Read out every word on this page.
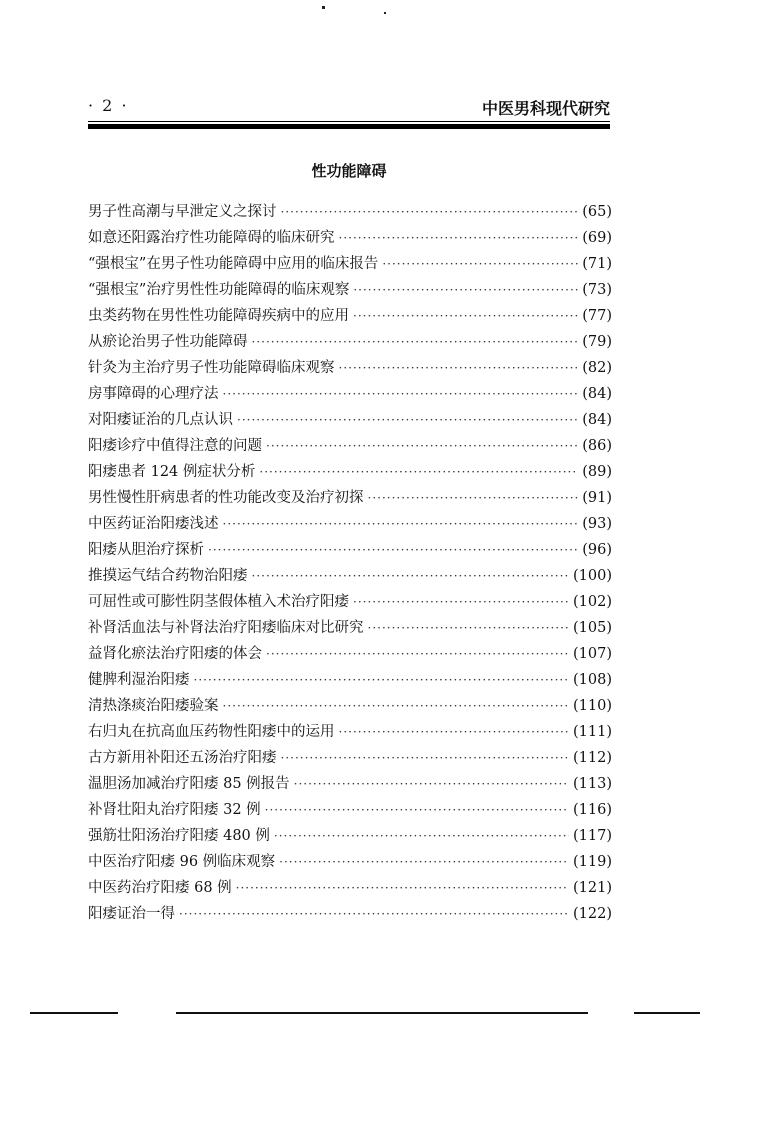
· 2 ·	中医男科现代研究
性功能障碍
男子性高潮与早泄定义之探讨 ·····	(65)
如意还阳露治疗性功能障碍的临床研究 ·····	(69)
“强根宝”在男子性功能障碍中应用的临床报告 ·····	(71)
“强根宝”治疗男性性功能障碍的临床观察 ·····	(73)
虫类药物在男性性功能障碍疾病中的应用 ·····	(77)
从瘀论治男子性功能障碍 ·····	(79)
针灸为主治疗男子性功能障碍临床观察 ·····	(82)
房事障碍的心理疗法 ·····	(84)
对阳痿证治的几点认识 ·····	(84)
阳痿诊疗中值得注意的问题 ·····	(86)
阳痿患者 124 例症状分析 ·····	(89)
男性慢性肝病患者的性功能改变及治疗初探 ·····	(91)
中医药证治阳痿浅述 ·····	(93)
阳痿从胆治疗探析 ·····	(96)
推摸运气结合药物治阳痿 ·····	(100)
可屈性或可膨性阴茎假体植入术治疗阳痿 ·····	(102)
补肾活血法与补肾法治疗阳痿临床对比研究 ·····	(105)
益肾化瘀法治疗阳痿的体会 ·····	(107)
健脾利湿治阳痿 ·····	(108)
清热涤痰治阳痿验案 ·····	(110)
右归丸在抗高血压药物性阳痿中的运用 ·····	(111)
古方新用补阳还五汤治疗阳痿 ·····	(112)
温胆汤加减治疗阳痿 85 例报告 ·····	(113)
补肾壮阳丸治疗阳痿 32 例 ·····	(116)
强筋壮阳汤治疗阳痿 480 例 ·····	(117)
中医治疗阳痿 96 例临床观察 ·····	(119)
中医药治疗阳痿 68 例 ·····	(121)
阳痿证治一得 ·····	(122)
